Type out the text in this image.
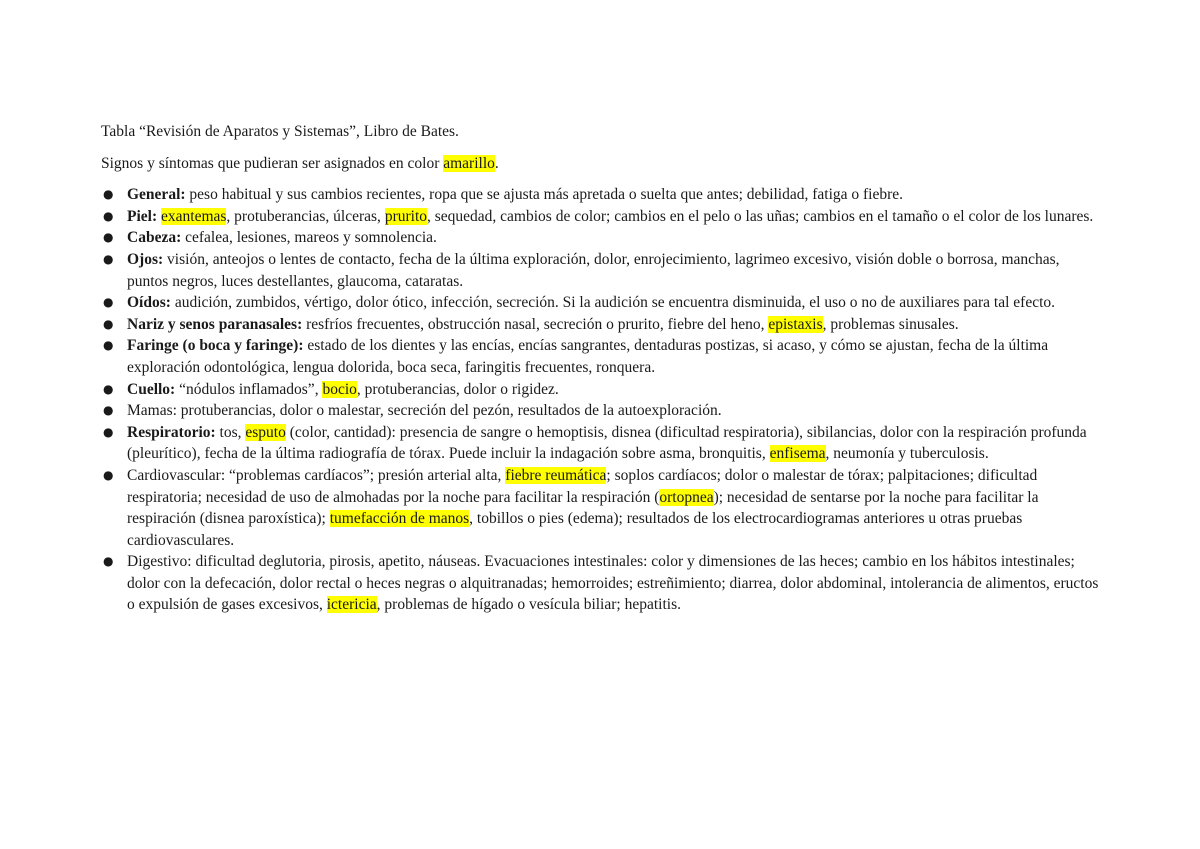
Tabla “Revisión de Aparatos y Sistemas”, Libro de Bates.

Signos y síntomas que pudieran ser asignados en color amarillo.

● General: peso habitual y sus cambios recientes, ropa que se ajusta más apretada o suelta que antes; debilidad, fatiga o fiebre.
● Piel: exantemas, protuberancias, úlceras, prurito, sequedad, cambios de color; cambios en el pelo o las uñas; cambios en el tamaño o el color de los lunares.
● Cabeza: cefalea, lesiones, mareos y somnolencia.
● Ojos: visión, anteojos o lentes de contacto, fecha de la última exploración, dolor, enrojecimiento, lagrimeo excesivo, visión doble o borrosa, manchas, puntos negros, luces destellantes, glaucoma, cataratas.
● Oídos: audición, zumbidos, vértigo, dolor ótico, infección, secreción. Si la audición se encuentra disminuida, el uso o no de auxiliares para tal efecto.
● Nariz y senos paranasales: resfríos frecuentes, obstrucción nasal, secreción o prurito, fiebre del heno, epistaxis, problemas sinusales.
● Faringe (o boca y faringe): estado de los dientes y las encías, encías sangrantes, dentaduras postizas, si acaso, y cómo se ajustan, fecha de la última exploración odontológica, lengua dolorida, boca seca, faringitis frecuentes, ronquera.
● Cuello: “nódulos inflamados”, bocio, protuberancias, dolor o rigidez.
● Mamas: protuberancias, dolor o malestar, secreción del pezón, resultados de la autoexploración.
● Respiratorio: tos, esputo (color, cantidad): presencia de sangre o hemoptisis, disnea (dificultad respiratoria), sibilancias, dolor con la respiración profunda (pleurítico), fecha de la última radiografía de tórax. Puede incluir la indagación sobre asma, bronquitis, enfisema, neumonía y tuberculosis.
● Cardiovascular: “problemas cardíacos”; presión arterial alta, fiebre reumática; soplos cardíacos; dolor o malestar de tórax; palpitaciones; dificultad respiratoria; necesidad de uso de almohadas por la noche para facilitar la respiración (ortopnea); necesidad de sentarse por la noche para facilitar la respiración (disnea paroxística); tumefacción de manos, tobillos o pies (edema); resultados de los electrocardiogramas anteriores u otras pruebas cardiovasculares.
● Digestivo: dificultad deglutoria, pirosis, apetito, náuseas. Evacuaciones intestinales: color y dimensiones de las heces; cambio en los hábitos intestinales; dolor con la defecación, dolor rectal o heces negras o alquitranadas; hemorroides; estreñimiento; diarrea, dolor abdominal, intolerancia de alimentos, eructos o expulsión de gases excesivos, ictericia, problemas de hígado o vesícula biliar; hepatitis.
